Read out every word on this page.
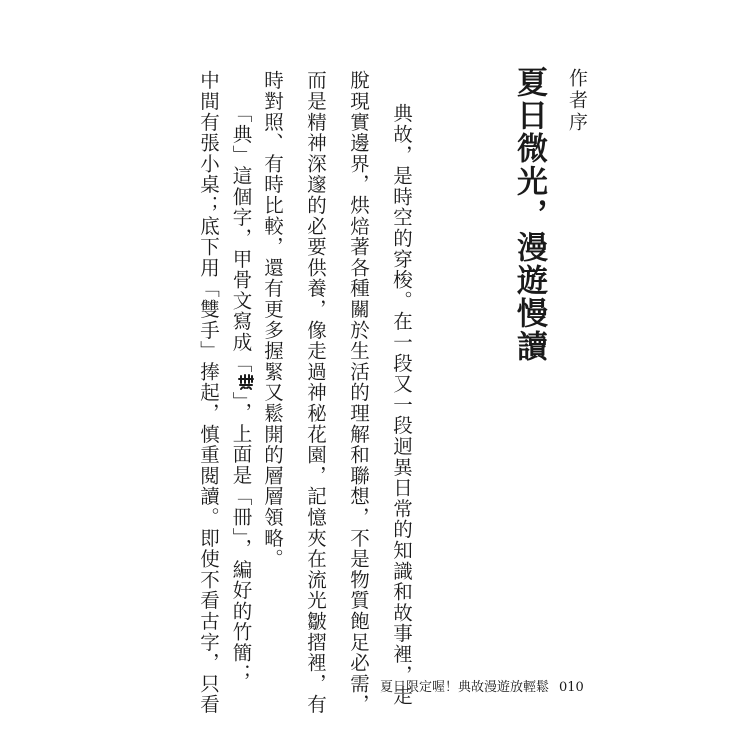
作者序
夏日微光，漫遊慢讀
典故，是時空的穿梭。在一段又一段迥異日常的知識和故事裡，走
脫現實邊界，烘焙著各種關於生活的理解和聯想，不是物質飽足必需，
而是精神深邃的必要供養，像走過神秘花園，記憶夾在流光皺摺裡，有
時對照、有時比較，還有更多握緊又鬆開的層層領略。
「典」這個字，甲骨文寫成「
」，上面是「冊」，編好的竹簡；
中間有張小桌；底下用「雙手」捧起，慎重閱讀。即使不看古字，只看	夏日限定喔！典故漫遊放輕鬆 010
